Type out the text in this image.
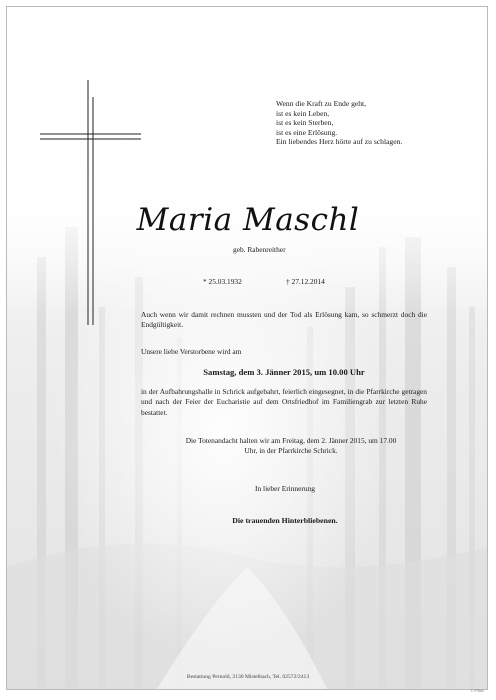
Wenn die Kraft zu Ende geht,
ist es kein Leben,
ist es kein Sterben,
ist es eine Erlösung.
Ein liebendes Herz hörte auf zu schlagen.
Maria Maschl
geb. Rabenreither
* 25.03.1932	† 27.12.2014
Auch wenn wir damit rechnen mussten und der Tod als Erlösung kam, so schmerzt doch die Endgültigkeit.
Unsere liebe Verstorbene wird am
Samstag, dem 3. Jänner 2015, um 10.00 Uhr
in der Aufbahrungshalle in Schrick aufgebahrt, feierlich eingesegnet, in die Pfarrkirche getragen und nach der Feier der Eucharistie auf dem Ortsfriedhof im Familiengrab zur letzten Ruhe bestattet.
Die Totenandacht halten wir am Freitag, dem 2. Jänner 2015, um 17.00 Uhr, in der Pfarrkirche Schrick.
In lieber Erinnerung
Die trauenden Hinterbliebenen.
Bestattung Pernold, 2130 Mistelbach, Tel. 02572/2413
© P 9mo
